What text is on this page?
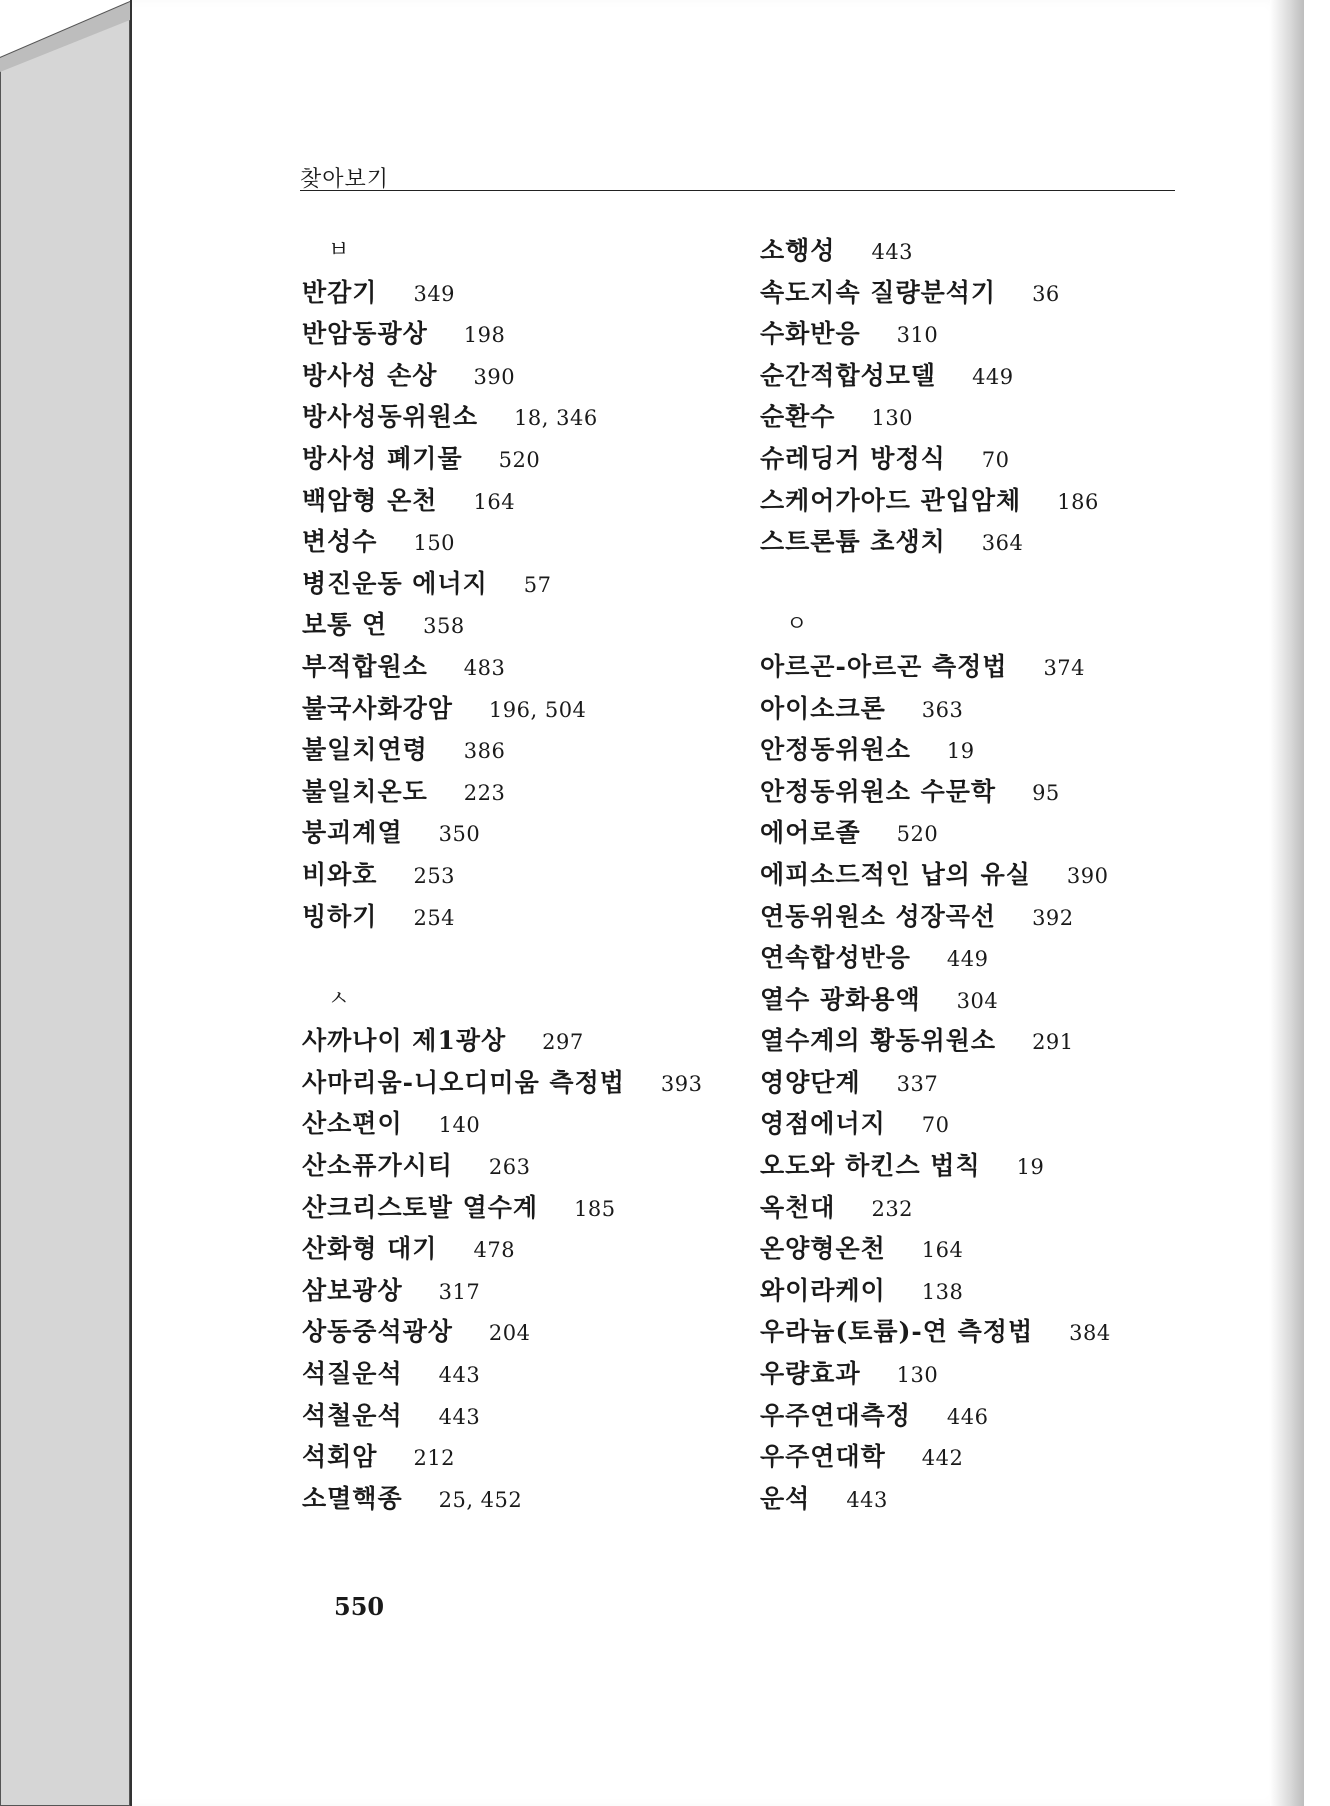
찾아보기
ㅂ
반감기 349
반암동광상 198
방사성 손상 390
방사성동위원소 18, 346
방사성 폐기물 520
백암형 온천 164
변성수 150
병진운동 에너지 57
보통 연 358
부적합원소 483
불국사화강암 196, 504
불일치연령 386
불일치온도 223
붕괴계열 350
비와호 253
빙하기 254
ㅅ
사까나이 제1광상 297
사마리움-니오디미움 측정법 393
산소편이 140
산소퓨가시티 263
산크리스토발 열수계 185
산화형 대기 478
삼보광상 317
상동중석광상 204
석질운석 443
석철운석 443
석회암 212
소멸핵종 25, 452
소행성 443
속도지속 질량분석기 36
수화반응 310
순간적합성모델 449
순환수 130
슈레딩거 방정식 70
스케어가아드 관입암체 186
스트론튬 초생치 364
ㅇ
아르곤-아르곤 측정법 374
아이소크론 363
안정동위원소 19
안정동위원소 수문학 95
에어로졸 520
에피소드적인 납의 유실 390
연동위원소 성장곡선 392
연속합성반응 449
열수 광화용액 304
열수계의 황동위원소 291
영양단계 337
영점에너지 70
오도와 하킨스 법칙 19
옥천대 232
온양형온천 164
와이라케이 138
우라늄(토륨)-연 측정법 384
우량효과 130
우주연대측정 446
우주연대학 442
운석 443
550
